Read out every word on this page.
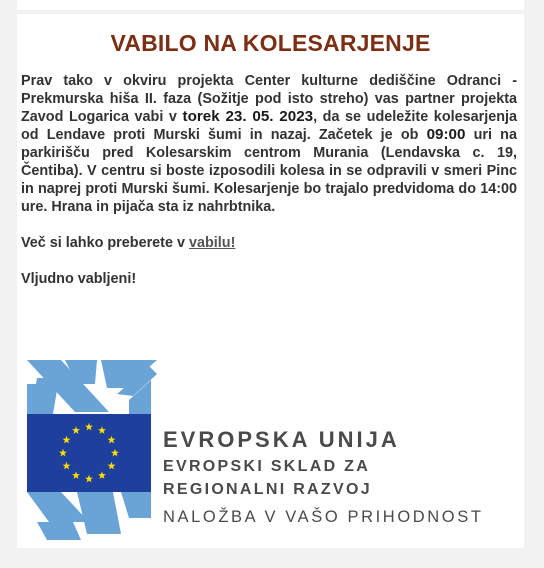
VABILO NA KOLESARJENJE

Prav tako v okviru projekta Center kulturne dediščine Odranci - Prekmurska hiša II. faza (Sožitje pod isto streho) vas partner projekta Zavod Logarica vabi v torek 23. 05. 2023, da se udeležite kolesarjenja od Lendave proti Murski šumi in nazaj. Začetek je ob 09:00 uri na parkirišču pred Kolesarskim centrom Murania (Lendavska c. 19, Čentiba). V centru si boste izposodili kolesa in se odpravili v smeri Pinc in naprej proti Murski šumi. Kolesarjenje bo trajalo predvidoma do 14:00 ure. Hrana in pijača sta iz nahrbtnika.

Več si lahko preberete v vabilu!

Vljudno vabljeni!

EVROPSKA UNIJA
EVROPSKI SKLAD ZA
REGIONALNI RAZVOJ
NALOŽBA V VAŠO PRIHODNOST
